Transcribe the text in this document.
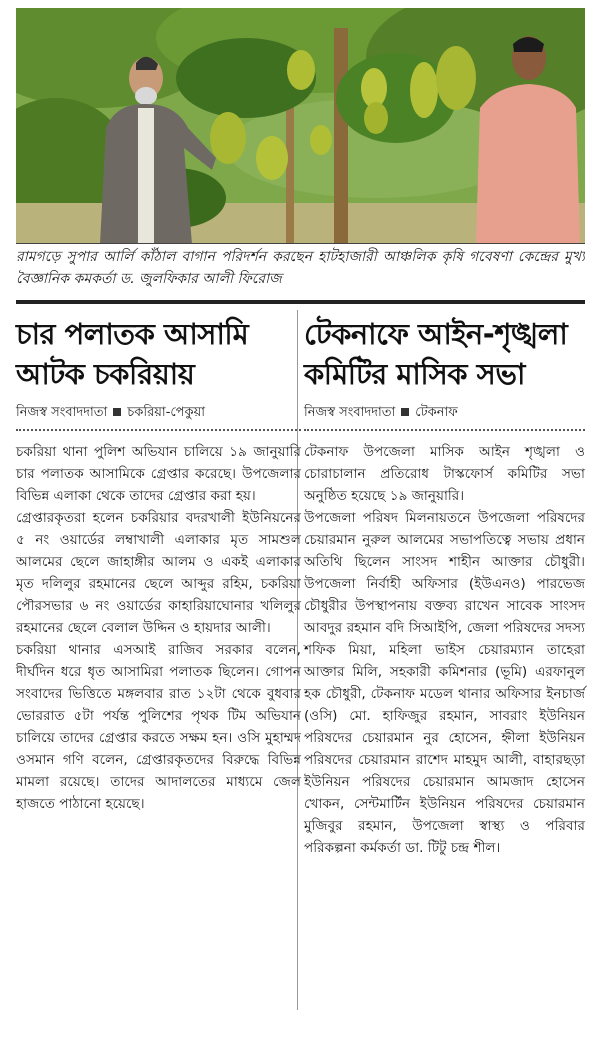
রামগড়ে সুপার আর্লি কাঁঠাল বাগান পরিদর্শন করছেন হাটহাজারী আঞ্চলিক কৃষি গবেষণা কেন্দ্রের মুখ্য বৈজ্ঞানিক কমকর্তা ড. জুলফিকার আলী ফিরোজ
চার পলাতক আসামি
আটক চকরিয়ায়
নিজস্ব সংবাদদাতা চকরিয়া-পেকুয়া

চকরিয়া থানা পুলিশ অভিযান চালিয়ে ১৯ জানুয়ারি চার পলাতক আসামিকে গ্রেপ্তার করেছে। উপজেলার বিভিন্ন এলাকা থেকে তাদের গ্রেপ্তার করা হয়।

গ্রেপ্তারকৃতরা হলেন চকরিয়ার বদরখালী ইউনিয়নের ৫ নং ওয়ার্ডের লম্বাখালী এলাকার মৃত সামশুল আলমের ছেলে জাহাঙ্গীর আলম ও একই এলাকার মৃত দলিলুর রহমানের ছেলে আব্দুর রহিম, চকরিয়া পৌরসভার ৬ নং ওয়ার্ডের কাহারিয়াঘোনার খলিলুর রহমানের ছেলে বেলাল উদ্দিন ও হায়দার আলী।

চকরিয়া থানার এসআই রাজিব সরকার বলেন, দীর্ঘদিন ধরে ধৃত আসামিরা পলাতক ছিলেন। গোপন সংবাদের ভিত্তিতে মঙ্গলবার রাত ১২টা থেকে বুধবার ভোররাত ৫টা পর্যন্ত পুলিশের পৃথক টিম অভিযান চালিয়ে তাদের গ্রেপ্তার করতে সক্ষম হন। ওসি মুহাম্মদ ওসমান গণি বলেন, গ্রেপ্তারকৃতদের বিরুদ্ধে বিভিন্ন মামলা রয়েছে। তাদের আদালতের মাধ্যমে জেল হাজতে পাঠানো হয়েছে।

টেকনাফে আইন-শৃঙ্খলা
কমিটির মাসিক সভা
নিজস্ব সংবাদদাতা টেকনাফ

টেকনাফ উপজেলা মাসিক আইন শৃঙ্খলা ও চোরাচালান প্রতিরোধ টাস্কফোর্স কমিটির সভা অনুষ্ঠিত হয়েছে ১৯ জানুয়ারি।

উপজেলা পরিষদ মিলনায়তনে উপজেলা পরিষদের চেয়ারমান নুরুল আলমের সভাপতিত্বে সভায় প্রধান অতিথি ছিলেন সাংসদ শাহীন আক্তার চৌধুরী। উপজেলা নির্বাহী অফিসার (ইউএনও) পারভেজ চৌধুরীর উপস্থাপনায় বক্তব্য রাখেন সাবেক সাংসদ আবদুর রহমান বদি সিআইপি, জেলা পরিষদের সদস্য শফিক মিয়া, মহিলা ভাইস চেয়ারম্যান তাহেরা আক্তার মিলি, সহকারী কমিশনার (ভূমি) এরফানুল হক চৌধুরী, টেকনাফ মডেল থানার অফিসার ইনচার্জ (ওসি) মো. হাফিজুর রহমান, সাবরাং ইউনিয়ন পরিষদের চেয়ারমান নুর হোসেন, হ্নীলা ইউনিয়ন পরিষদের চেয়ারমান রাশেদ মাহমুদ আলী, বাহারছড়া ইউনিয়ন পরিষদের চেয়ারমান আমজাদ হোসেন খোকন, সেন্টমার্টিন ইউনিয়ন পরিষদের চেয়ারমান মুজিবুর রহমান, উপজেলা স্বাস্থ্য ও পরিবার পরিকল্পনা কর্মকর্তা ডা. টিটু চন্দ্র শীল।
